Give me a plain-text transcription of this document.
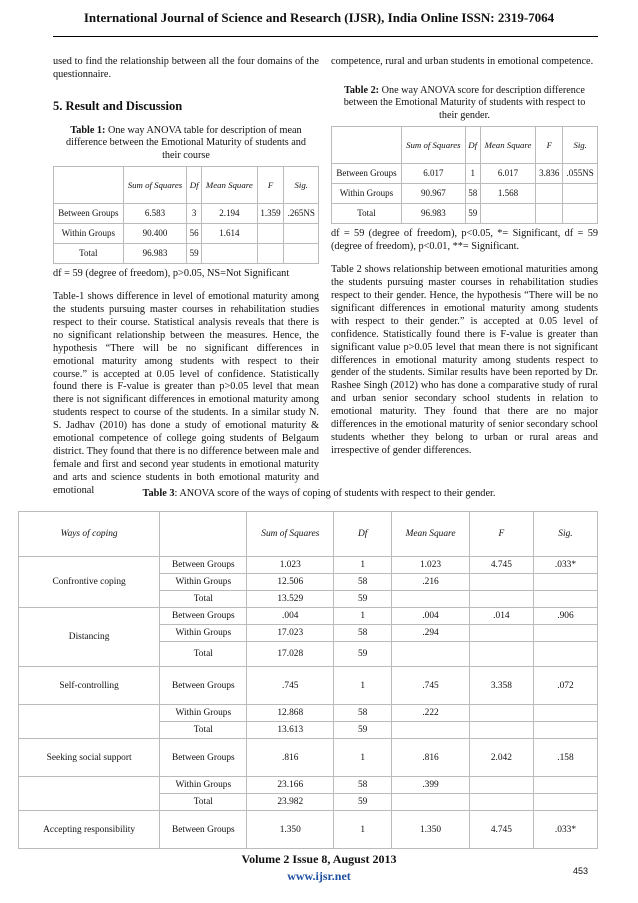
International Journal of Science and Research (IJSR), India Online ISSN: 2319-7064

used to find the relationship between all the four domains of the questionnaire.

5. Result and Discussion
Table 1: One way ANOVA table for description of mean difference between the Emotional Maturity of students and their course
	Sum of Squares	Df	Mean Square	F	Sig.
Between Groups	6.583	3	2.194	1.359	.265NS
Within Groups	90.400	56	1.614		
Total	96.983	59			

df = 59 (degree of freedom), p>0.05, NS=Not Significant

Table-1 shows difference in level of emotional maturity among the students pursuing master courses in rehabilitation studies respect to their course. Statistical analysis reveals that there is no significant relationship between the measures. Hence, the hypothesis “There will be no significant differences in emotional maturity among students with respect to their course.” is accepted at 0.05 level of confidence. Statistically found there is F-value is greater than p>0.05 level that mean there is not significant differences in emotional maturity among students respect to course of the students. In a similar study N. S. Jadhav (2010) has done a study of emotional maturity & emotional competence of college going students of Belgaum district. They found that there is no difference between male and female and first and second year students in emotional maturity and arts and science students in both emotional maturity and emotional

competence, rural and urban students in emotional competence.

Table 2: One way ANOVA score for description difference between the Emotional Maturity of students with respect to their gender.
	Sum of Squares	Df	Mean Square	F	Sig.
Between Groups	6.017	1	6.017	3.836	.055NS
Within Groups	90.967	58	1.568		
Total	96.983	59			

df = 59 (degree of freedom), p<0.05, *= Significant, df = 59 (degree of freedom), p<0.01, **= Significant.

Table 2 shows relationship between emotional maturities among the students pursuing master courses in rehabilitation studies respect to their gender. Hence, the hypothesis “There will be no significant differences in emotional maturity among students with respect to their gender.” is accepted at 0.05 level of confidence. Statistically found there is F-value is greater than significant value p>0.05 level that mean there is not significant differences in emotional maturity among students respect to gender of the students. Similar results have been reported by Dr. Rashee Singh (2012) who has done a comparative study of rural and urban senior secondary school students in relation to emotional maturity. They found that there are no major differences in the emotional maturity of senior secondary school students whether they belong to urban or rural areas and irrespective of gender differences.

Table 3: ANOVA score of the ways of coping of students with respect to their gender.
Ways of coping		Sum of Squares	Df	Mean Square	F	Sig.
Confrontive coping	Between Groups	1.023	1	1.023	4.745	.033*
	Within Groups	12.506	58	.216		
	Total	13.529	59			
Distancing	Between Groups	.004	1	.004	.014	.906
	Within Groups	17.023	58	.294		
	Total	17.028	59			
Self-controlling	Between Groups	.745	1	.745	3.358	.072
	Within Groups	12.868	58	.222		
	Total	13.613	59			
Seeking social support	Between Groups	.816	1	.816	2.042	.158
	Within Groups	23.166	58	.399		
	Total	23.982	59			
Accepting responsibility	Between Groups	1.350	1	1.350	4.745	.033*
Volume 2 Issue 8, August 2013
www.ijsr.net	453
